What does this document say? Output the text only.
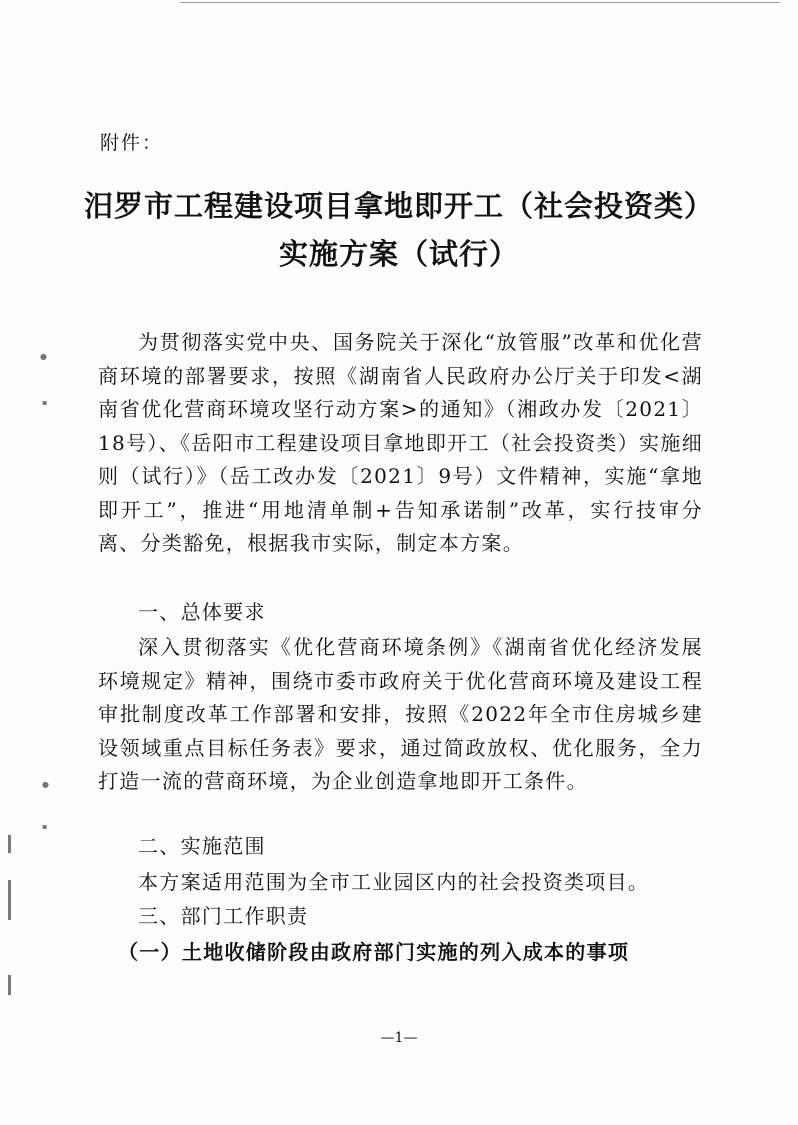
附件：
汨罗市工程建设项目拿地即开工（社会投资类）
实施方案（试行）

为贯彻落实党中央、国务院关于深化“放管服”改革和优化营商环境的部署要求，按照《湖南省人民政府办公厅关于印发<湖南省优化营商环境攻坚行动方案>的通知》（湘政办发〔2021〕18号）、《岳阳市工程建设项目拿地即开工（社会投资类）实施细则（试行）》（岳工改办发〔2021〕9号）文件精神，实施“拿地即开工”，推进“用地清单制+告知承诺制”改革，实行技审分离、分类豁免，根据我市实际，制定本方案。

一、总体要求

深入贯彻落实《优化营商环境条例》《湖南省优化经济发展环境规定》精神，围绕市委市政府关于优化营商环境及建设工程审批制度改革工作部署和安排，按照《2022年全市住房城乡建设领域重点目标任务表》要求，通过简政放权、优化服务，全力打造一流的营商环境，为企业创造拿地即开工条件。

二、实施范围

本方案适用范围为全市工业园区内的社会投资类项目。

三、部门工作职责

（一）土地收储阶段由政府部门实施的列入成本的事项

—1—
●
▪
●
▪
